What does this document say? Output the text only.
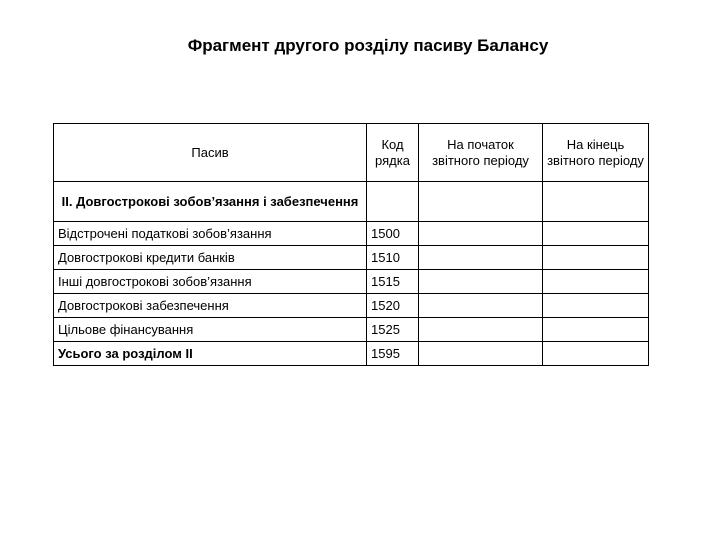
Фрагмент другого розділу пасиву Балансу
Пасив	Код рядка	На початок звітного періоду	На кінець звітного періоду
ІІ. Довгострокові зобов’язання і забезпечення			
Відстрочені податкові зобов’язання	1500		
Довгострокові кредити банків	1510		
Інші довгострокові зобов’язання	1515		
Довгострокові забезпечення	1520		
Цільове фінансування	1525		
Усього за розділом ІІ	1595		
